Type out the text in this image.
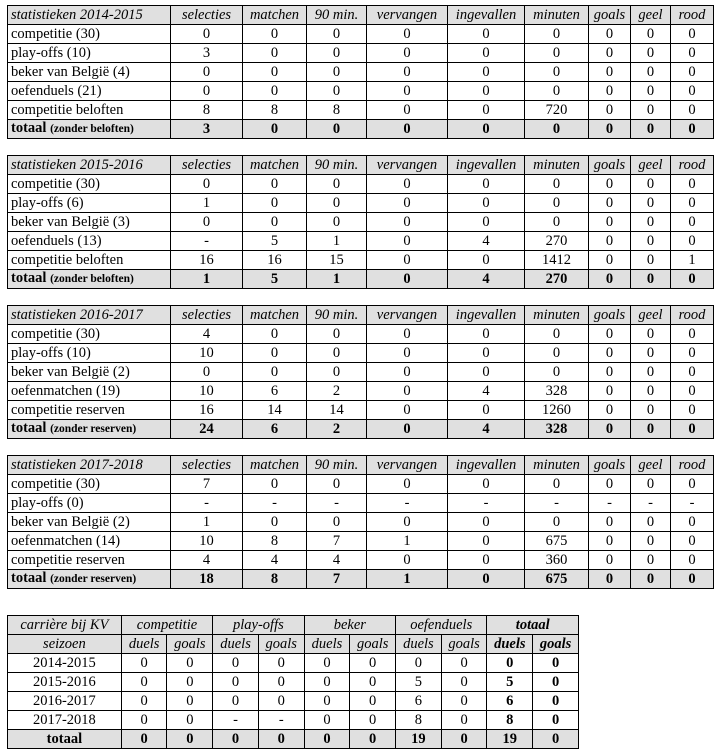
statistieken 2014-2015	selecties	matchen	90 min.	vervangen	ingevallen	minuten	goals	geel	rood
competitie (30)	0	0	0	0	0	0	0	0	0
play-offs (10)	3	0	0	0	0	0	0	0	0
beker van België (4)	0	0	0	0	0	0	0	0	0
oefenduels (21)	0	0	0	0	0	0	0	0	0
competitie beloften	8	8	8	0	0	720	0	0	0
totaal (zonder beloften)	3	0	0	0	0	0	0	0	0
statistieken 2015-2016	selecties	matchen	90 min.	vervangen	ingevallen	minuten	goals	geel	rood
competitie (30)	0	0	0	0	0	0	0	0	0
play-offs (6)	1	0	0	0	0	0	0	0	0
beker van België (3)	0	0	0	0	0	0	0	0	0
oefenduels (13)	-	5	1	0	4	270	0	0	0
competitie beloften	16	16	15	0	0	1412	0	0	1
totaal (zonder beloften)	1	5	1	0	4	270	0	0	0
statistieken 2016-2017	selecties	matchen	90 min.	vervangen	ingevallen	minuten	goals	geel	rood
competitie (30)	4	0	0	0	0	0	0	0	0
play-offs (10)	10	0	0	0	0	0	0	0	0
beker van België (2)	0	0	0	0	0	0	0	0	0
oefenmatchen (19)	10	6	2	0	4	328	0	0	0
competitie reserven	16	14	14	0	0	1260	0	0	0
totaal (zonder reserven)	24	6	2	0	4	328	0	0	0
statistieken 2017-2018	selecties	matchen	90 min.	vervangen	ingevallen	minuten	goals	geel	rood
competitie (30)	7	0	0	0	0	0	0	0	0
play-offs (0)	-	-	-	-	-	-	-	-	-
beker van België (2)	1	0	0	0	0	0	0	0	0
oefenmatchen (14)	10	8	7	1	0	675	0	0	0
competitie reserven	4	4	4	0	0	360	0	0	0
totaal (zonder reserven)	18	8	7	1	0	675	0	0	0
carrière bij KV	competitie		play-offs		beker		oefenduels		totaal	
seizoen	duels	goals	duels	goals	duels	goals	duels	goals	duels	goals
2014-2015	0	0	0	0	0	0	0	0	0	0
2015-2016	0	0	0	0	0	0	5	0	5	0
2016-2017	0	0	0	0	0	0	6	0	6	0
2017-2018	0	0	-	-	0	0	8	0	8	0
totaal	0	0	0	0	0	0	19	0	19	0
